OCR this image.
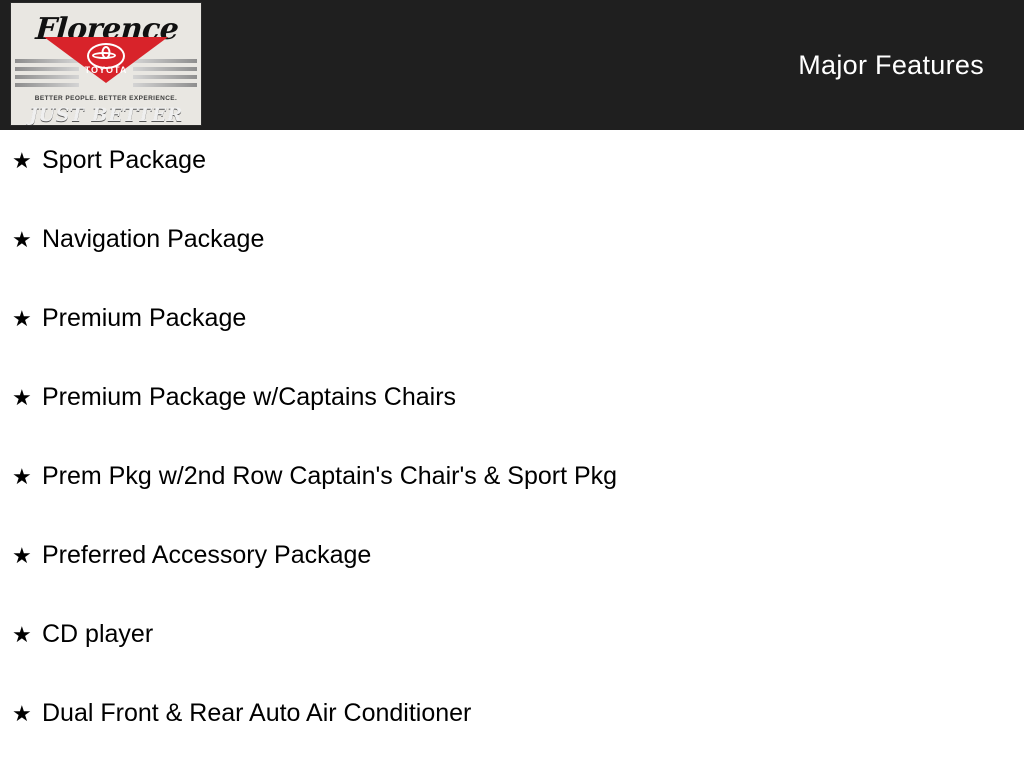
Florence
TOYOTA
BETTER PEOPLE. BETTER EXPERIENCE.
JUST BETTER
Major Features
★ Sport Package
★ Navigation Package
★ Premium Package
★ Premium Package w/Captains Chairs
★ Prem Pkg w/2nd Row Captain's Chair's & Sport Pkg
★ Preferred Accessory Package
★ CD player
★ Dual Front & Rear Auto Air Conditioner
